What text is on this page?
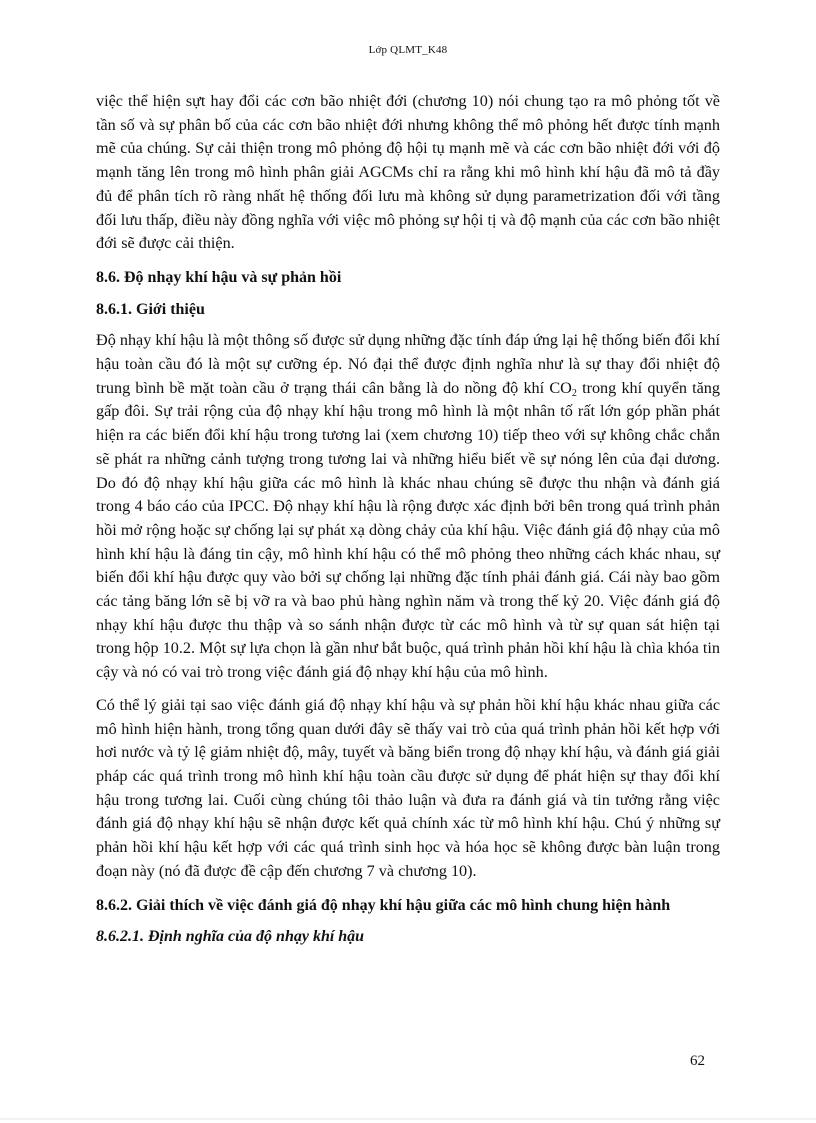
Lớp QLMT_K48

việc thể hiện sựt hay đổi các cơn bão nhiệt đới (chương 10) nói chung tạo ra mô phỏng tốt về tần số và sự phân bố của các cơn bão nhiệt đới nhưng không thể mô phỏng hết được tính mạnh mẽ của chúng. Sự cải thiện trong mô phỏng độ hội tụ mạnh mẽ và các cơn bão nhiệt đới với độ mạnh tăng lên trong mô hình phân giải AGCMs chỉ ra rằng khi mô hình khí hậu đã mô tả đầy đủ để phân tích rõ ràng nhất hệ thống đối lưu mà không sử dụng parametrization đối với tầng đối lưu thấp, điều này đồng nghĩa với việc mô phỏng sự hội tị và độ mạnh của các cơn bão nhiệt đới sẽ được cải thiện.

8.6. Độ nhạy khí hậu và sự phản hồi
8.6.1. Giới thiệu

Độ nhạy khí hậu là một thông số được sử dụng những đặc tính đáp ứng lại hệ thống biến đổi khí hậu toàn cầu đó là một sự cưỡng ép. Nó đại thể được định nghĩa như là sự thay đổi nhiệt độ trung bình bề mặt toàn cầu ở trạng thái cân bằng là do nồng độ khí $CO_2$ trong khí quyển tăng gấp đôi. Sự trải rộng của độ nhạy khí hậu trong mô hình là một nhân tố rất lớn góp phần phát hiện ra các biến đổi khí hậu trong tương lai (xem chương 10) tiếp theo với sự không chắc chắn sẽ phát ra những cảnh tượng trong tương lai và những hiểu biết về sự nóng lên của đại dương. Do đó độ nhạy khí hậu giữa các mô hình là khác nhau chúng sẽ được thu nhận và đánh giá trong 4 báo cáo của IPCC. Độ nhạy khí hậu là rộng được xác định bởi bên trong quá trình phản hồi mở rộng hoặc sự chống lại sự phát xạ dòng chảy của khí hậu. Việc đánh giá độ nhạy của mô hình khí hậu là đáng tin cậy, mô hình khí hậu có thể mô phỏng theo những cách khác nhau, sự biến đổi khí hậu được quy vào bởi sự chống lại những đặc tính phải đánh giá. Cái này bao gồm các tảng băng lớn sẽ bị vỡ ra và bao phủ hàng nghìn năm và trong thế kỷ 20. Việc đánh giá độ nhạy khí hậu được thu thập và so sánh nhận được từ các mô hình và từ sự quan sát hiện tại trong hộp 10.2. Một sự lựa chọn là gần như bắt buộc, quá trình phản hồi khí hậu là chìa khóa tin cậy và nó có vai trò trong việc đánh giá độ nhạy khí hậu của mô hình.

Có thể lý giải tại sao việc đánh giá độ nhạy khí hậu và sự phản hồi khí hậu khác nhau giữa các mô hình hiện hành, trong tổng quan dưới đây sẽ thấy vai trò của quá trình phản hồi kết hợp với hơi nước và tỷ lệ giảm nhiệt độ, mây, tuyết và băng biển trong độ nhạy khí hậu, và đánh giá giải pháp các quá trình trong mô hình khí hậu toàn cầu được sử dụng để phát hiện sự thay đổi khí hậu trong tương lai. Cuối cùng chúng tôi thảo luận và đưa ra đánh giá và tin tưởng rằng việc đánh giá độ nhạy khí hậu sẽ nhận được kết quả chính xác từ mô hình khí hậu. Chú ý những sự phản hồi khí hậu kết hợp với các quá trình sinh học và hóa học sẽ không được bàn luận trong đoạn này (nó đã được đề cập đến chương 7 và chương 10).

8.6.2. Giải thích về việc đánh giá độ nhạy khí hậu giữa các mô hình chung hiện hành
8.6.2.1. Định nghĩa của độ nhạy khí hậu
62
